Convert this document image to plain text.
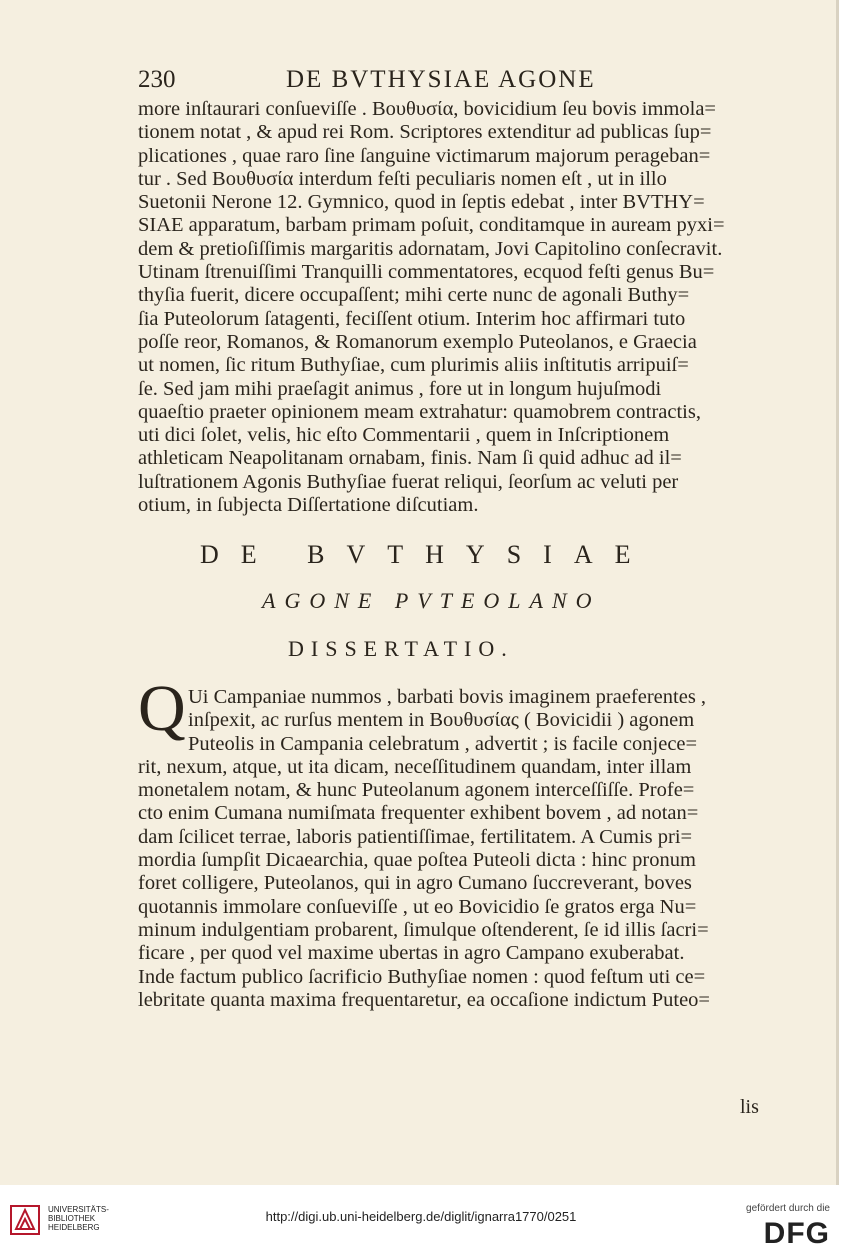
230	DE BVTHYSIAE AGONE
more inſtaurari conſueviſſe . Βουθυσία, bovicidium ſeu bovis immola=
tionem notat , & apud rei Rom. Scriptores extenditur ad publicas ſup=
plicationes , quae raro ſine ſanguine victimarum majorum perageban=
tur . Sed Βουθυσία interdum feſti peculiaris nomen eſt , ut in illo
Suetonii Nerone 12. Gymnico, quod in ſeptis edebat , inter BVTHY=
SIAE apparatum, barbam primam poſuit, conditamque in auream pyxi=
dem & pretioſiſſimis margaritis adornatam, Jovi Capitolino conſecravit.
Utinam ſtrenuiſſimi Tranquilli commentatores, ecquod feſti genus Bu=
thyſia fuerit, dicere occupaſſent; mihi certe nunc de agonali Buthy=
ſia Puteolorum ſatagenti, feciſſent otium. Interim hoc affirmari tuto
poſſe reor, Romanos, & Romanorum exemplo Puteolanos, e Graecia
ut nomen, ſic ritum Buthyſiae, cum plurimis aliis inſtitutis arripuiſ=
ſe. Sed jam mihi praeſagit animus , fore ut in longum hujuſmodi
quaeſtio praeter opinionem meam extrahatur: quamobrem contractis,
uti dici ſolet, velis, hic eſto Commentarii , quem in Inſcriptionem
athleticam Neapolitanam ornabam, finis. Nam ſi quid adhuc ad il=
luſtrationem Agonis Buthyſiae fuerat reliqui, ſeorſum ac veluti per
otium, in ſubjecta Diſſertatione diſcutiam.
DE BVTHYSIAE
AGONE PVTEOLANO
DISSERTATIO.
Q Ui Campaniae nummos , barbati bovis imaginem praeferentes ,
inſpexit, ac rurſus mentem in Βουθυσίας ( Bovicidii ) agonem
Puteolis in Campania celebratum , advertit ; is facile conjece=
rit, nexum, atque, ut ita dicam, neceſſitudinem quandam, inter illam
monetalem notam, & hunc Puteolanum agonem interceſſiſſe. Profe=
cto enim Cumana numiſmata frequenter exhibent bovem , ad notan=
dam ſcilicet terrae, laboris patientiſſimae, fertilitatem. A Cumis pri=
mordia ſumpſit Dicaearchia, quae poſtea Puteoli dicta : hinc pronum
foret colligere, Puteolanos, qui in agro Cumano ſuccreverant, boves
quotannis immolare conſueviſſe , ut eo Bovicidio ſe gratos erga Nu=
minum indulgentiam probarent, ſimulque oſtenderent, ſe id illis ſacri=
ficare , per quod vel maxime ubertas in agro Campano exuberabat.
Inde factum publico ſacrificio Buthyſiae nomen : quod feſtum uti ce=
lebritate quanta maxima frequentaretur, ea occaſione indictum Puteo=
lis
UNIVERSITÄTS-
BIBLIOTHEK
HEIDELBERG
http://digi.ub.uni-heidelberg.de/diglit/ignarra1770/0251
gefördert durch die
DFG
